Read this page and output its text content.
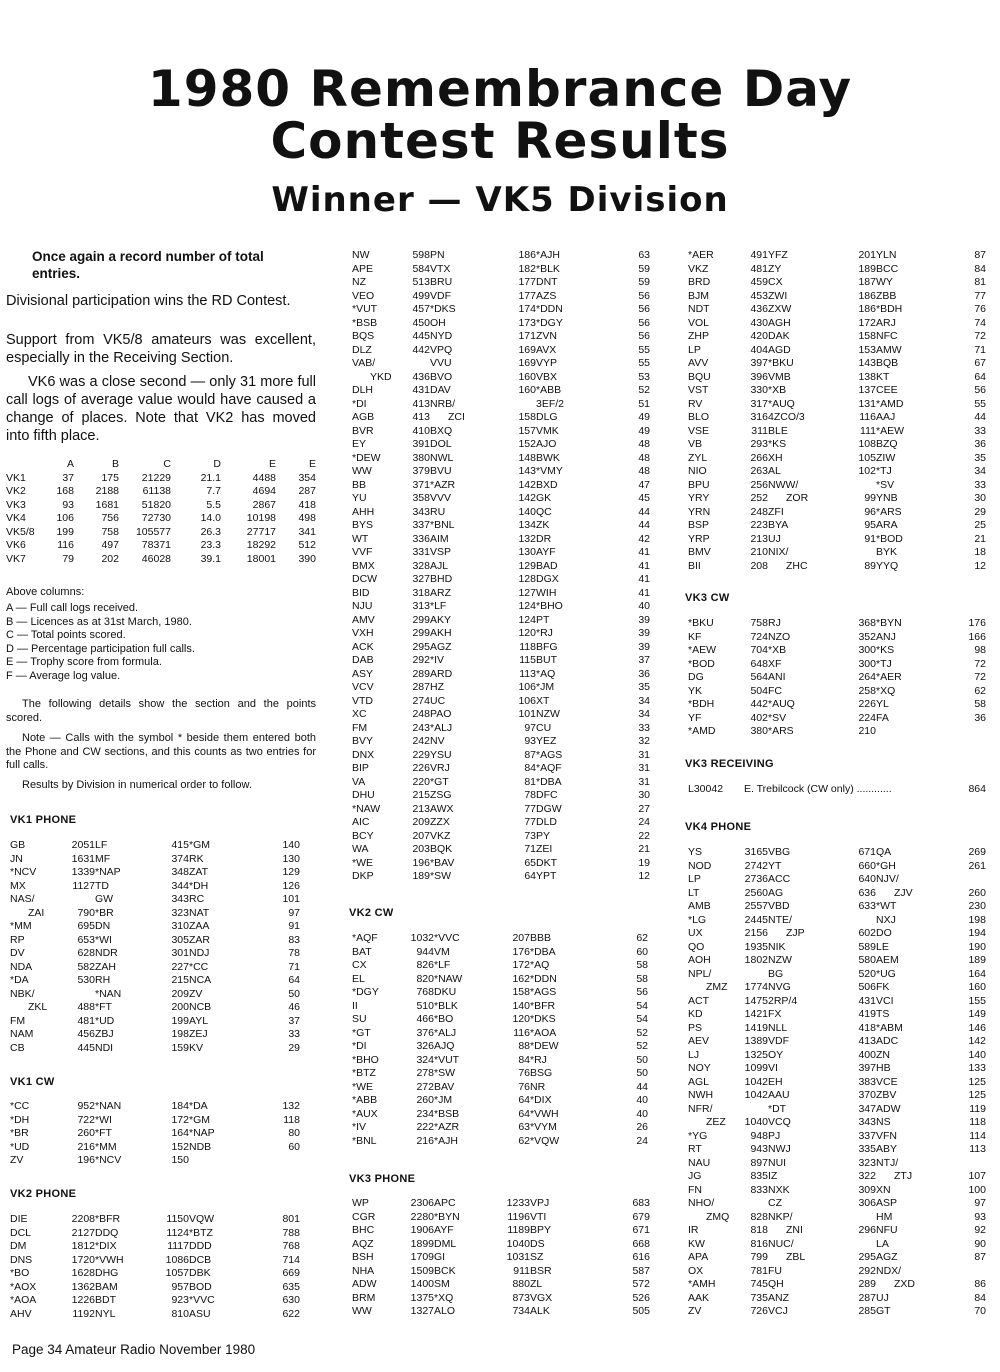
1980 Remembrance Day
Contest Results
Winner — VK5 Division
Once again a record number of total entries.
Divisional participation wins the RD Contest.
Support from VK5/8 amateurs was excellent, especially in the Receiving Section.
VK6 was a close second — only 31 more full call logs of average value would have caused a change of places. Note that VK2 has moved into fifth place.
	A	B	C	D	E	E
VK1	37	175	21229	21.1	4488	354
VK2	168	2188	61138	7.7	4694	287
VK3	93	1681	51820	5.5	2867	418
VK4	106	756	72730	14.0	10198	498
VK5/8	199	758	105577	26.3	27717	341
VK6	116	497	78371	23.3	18292	512
VK7	79	202	46028	39.1	18001	390
Above columns:
A — Full call logs received.
B — Licences as at 31st March, 1980.
C — Total points scored.
D — Percentage participation full calls.
E — Trophy score from formula.
F — Average log value.
The following details show the section and the points scored.
Note — Calls with the symbol * beside them entered both the Phone and CW sections, and this counts as two entries for full calls.
Results by Division in numerical order to follow.
VK1 PHONE
GB	2051 LF	415 *GM	140
JN	1631 MF	374 RK	130
*NCV	1339 *NAP	348 ZAT	129
MX	1127 TD	344 *DH	126
NAS/	GW	343 RC	101
ZAI	790 *BR	323 NAT	97
*MM	695 DN	310 ZAA	91
RP	653 *WI	305 ZAR	83
DV	628 NDR	301 NDJ	78
NDA	582 ZAH	227 *CC	71
*DA	530 RH	215 NCA	64
NBK/	*NAN	209 ZV	50
ZKL	488 *FT	200 NCB	46
FM	481 *UD	199 AYL	37
NAM	456 ZBJ	198 ZEJ	33
CB	445 NDI	159 KV	29
VK1 CW
*CC	952 *NAN	184 *DA	132
*DH	722 *WI	172 *GM	118
*BR	260 *FT	164 *NAP	80
*UD	216 *MM	152 NDB	60
ZV	196 *NCV	150
VK2 PHONE
DIE	2208 *BFR	1150 VQW	801
DCL	2127 DDQ	1124 *BTZ	788
DM	1812 *DIX	1117 DDD	768
DNS	1720 *VWH	1086 DCB	714
*BO	1628 DHG	1057 DBK	669
*AOX	1362 BAM	957 BOD	635
*AOA	1226 BDT	923 *VVC	630
AHV	1192 NYL	810 ASU	622
NW	598 PN	186 *AJH	63
APE	584 VTX	182 *BLK	59
NZ	513 BRU	177 DNT	59
VEO	499 VDF	177 AZS	56
*VUT	457 *DKS	174 *DDN	56
*BSB	450 OH	173 *DGY	56
BQS	445 NYD	171 ZVN	56
DLZ	442 VPQ	169 AVX	55
VAB/	VVU	169 VYP	55
YKD	436 BVO	160 VBX	53
DLH	431 DAV	160 *ABB	52
*DI	413 NRB/	3EF/2	51
AGB	413	ZCI	158 DLG	49
BVR	410 BXQ	157 VMK	49
EY	391 DOL	152 AJO	48
*DEW	380 NWL	148 BWK	48
WW	379 BVU	143 *VMY	48
BB	371 *AZR	142 BXD	47
YU	358 VVV	142 GK	45
AHH	343 RU	140 QC	44
BYS	337 *BNL	134 ZK	44
WT	336 AIM	132 DR	42
VVF	331 VSP	130 AYF	41
BMX	328 AJL	129 BAD	41
DCW	327 BHD	128 DGX	41
BID	318 ARZ	127 WIH	41
NJU	313 *LF	124 *BHO	40
AMV	299 AKY	124 PT	39
VXH	299 AKH	120 *RJ	39
ACK	295 AGZ	118 BFG	39
DAB	292 *IV	115 BUT	37
ASY	289 ARD	113 *AQ	36
VCV	287 HZ	106 *JM	35
VTD	274 UC	106 XT	34
XC	248 PAO	101 NZW	34
FM	243 *ALJ	97 CU	33
BVY	242 NV	93 YEZ	32
DNX	229 YSU	87 *AGS	31
BIP	226 VRJ	84 *AQF	31
VA	220 *GT	81 *DBA	31
DHU	215 ZSG	78 DFC	30
*NAW	213 AWX	77 DGW	27
AIC	209 ZZX	77 DLD	24
BCY	207 VKZ	73 PY	22
WA	203 BQK	71 ZEI	21
*WE	196 *BAV	65 DKT	19
DKP	189 *SW	64 YPT	12
VK2 CW
*AQF	1032 *VVC	207 BBB	62
BAT	944 VM	176 *DBA	60
CX	826 *LF	172 *AQ	58
EL	820 *NAW	162 *DDN	58
*DGY	768 DKU	158 *AGS	56
II	510 *BLK	140 *BFR	54
SU	466 *BO	120 *DKS	54
*GT	376 *ALJ	116 *AOA	52
*DI	326 AJQ	88 *DEW	52
*BHO	324 *VUT	84 *RJ	50
*BTZ	278 *SW	76 BSG	50
*WE	272 BAV	76 NR	44
*ABB	260 *JM	64 *DIX	40
*AUX	234 *BSB	64 *VWH	40
*IV	222 *AZR	63 *VYM	26
*BNL	216 *AJH	62 *VQW	24
VK3 PHONE
WP	2306 APC	1233 VPJ	683
CGR	2280 *BYN	1196 VTI	679
BHC	1906 AYF	1189 BPY	671
AQZ	1899 DML	1040 DS	668
BSH	1709 GI	1031 SZ	616
NHA	1509 BCK	911 BSR	587
ADW	1400 SM	880 ZL	572
BRM	1375 *XQ	873 VGX	526
WW	1327 ALO	734 ALK	505
*AER	491 YFZ	201 YLN	87
VKZ	481 ZY	189 BCC	84
BRD	459 CX	187 WY	81
BJM	453 ZWI	186 ZBB	77
NDT	436 ZXW	186 *BDH	76
VOL	430 AGH	172 ARJ	74
ZHP	420 DAK	158 NFC	72
LP	404 AGD	153 AMW	71
AVV	397 *BKU	143 BQB	67
BQU	396 VMB	138 KT	64
VST	330 *XB	137 CEE	56
RV	317 *AUQ	131 *AMD	55
BLO	316 4ZCO/3	116 AAJ	44
VSE	311 BLE	111 *AEW	33
VB	293 *KS	108 BZQ	36
ZYL	266 XH	105 ZIW	35
NIO	263 AL	102 *TJ	34
BPU	256 NWW/	*SV	33
YRY	252	ZOR	99 YNB	30
YRN	248 ZFI	96 *ARS	29
BSP	223 BYA	95 ARA	25
YRP	213 UJ	91 *BOD	21
BMV	210 NIX/	BYK	18
BII	208	ZHC	89 YYQ	12
VK3 CW
*BKU	758 RJ	368 *BYN	176
KF	724 NZO	352 ANJ	166
*AEW	704 *XB	300 *KS	98
*BOD	648 XF	300 *TJ	72
DG	564 ANI	264 *AER	72
YK	504 FC	258 *XQ	62
*BDH	442 *AUQ	226 YL	58
YF	402 *SV	224 FA	36
*AMD	380 *ARS	210
VK3 RECEIVING
L30042	E. Trebilcock (CW only) ............	864
VK4 PHONE
YS	3165 VBG	671 QA	269
NOD	2742 YT	660 *GH	261
LP	2736 ACC	640 NJV/
LT	2560 AG	636	ZJV	260
AMB	2557 VBD	633 *WT	230
*LG	2445 NTE/	NXJ	198
UX	2156	ZJP	602 DO	194
QO	1935 NIK	589 LE	190
AOH	1802 NZW	580 AEM	189
NPL/	BG	520 *UG	164
ZMZ	1774 NVG	506 FK	160
ACT	1475 2RP/4	431 VCI	155
KD	1421 FX	419 TS	149
PS	1419 NLL	418 *ABM	146
AEV	1389 VDF	413 ADC	142
LJ	1325 OY	400 ZN	140
NOY	1099 VI	397 HB	133
AGL	1042 EH	383 VCE	125
NWH	1042 AAU	370 ZBV	125
NFR/	*DT	347 ADW	119
ZEZ	1040 VCQ	343 NS	118
*YG	948 PJ	337 VFN	114
RT	943 NWJ	335 ABY	113
NAU	897 NUI	323 NTJ/
JG	835 IZ	322	ZTJ	107
FN	833 NXK	309 XN	100
NHO/	CZ	306 ASP	97
ZMQ	828 NKP/	HM	93
IR	818	ZNI	296 NFU	92
KW	816 NUC/	LA	90
APA	799	ZBL	295 AGZ	87
OX	781 FU	292 NDX/
*AMH	745 QH	289	ZXD	86
AAK	735 ANZ	287 UJ	84
ZV	726 VCJ	285 GT	70
Page 34 Amateur Radio November 1980
